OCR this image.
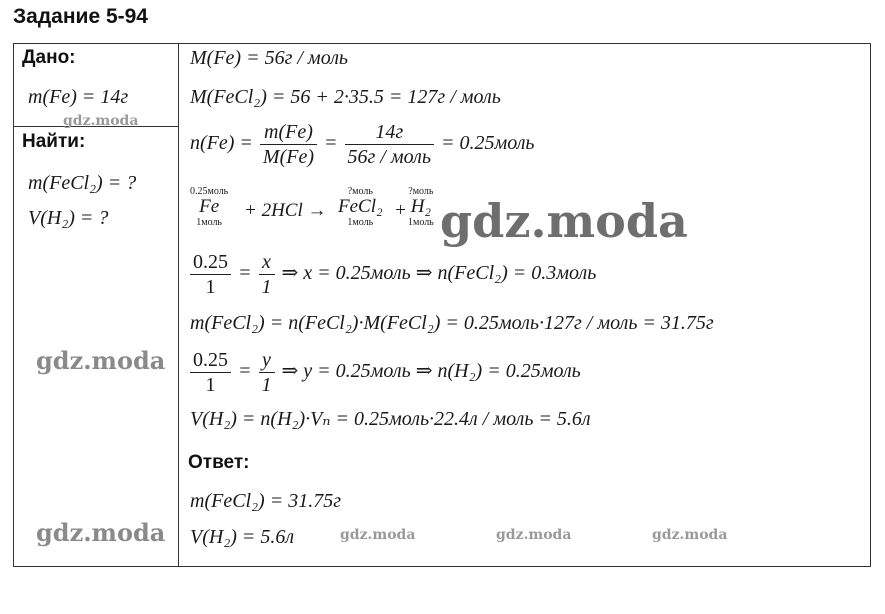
Задание 5-94
Дано:
m(Fe) = 14г
Найти:
m(FeCl₂) = ?
V(H₂) = ?
M(Fe) = 56г / моль
M(FeCl₂) = 56 + 2·35.5 = 127г / моль
$n(Fe) = \frac{m(Fe)}{M(Fe)} = \frac{14г}{\text{56г / моль}}$ = 0.25моль
0.25моль
Fe
1моль
+ 2HCl →
?моль
FeCl₂
1моль
+
?моль
H₂
1моль
$\frac{0.25}{1} = \frac{x}{1}$ ⇒ x = 0.25моль ⇒ n(FeCl₂) = 0.3моль
m(FeCl₂) = n(FeCl₂)·M(FeCl₂) = 0.25моль·127г / моль = 31.75г
$\frac{0.25}{1} = \frac{y}{1}$ ⇒ y = 0.25моль ⇒ n(H₂) = 0.25моль
V(H₂) = n(H₂)·Vₙ = 0.25моль·22.4л / моль = 5.6л
Ответ:
m(FeCl₂) = 31.75г
V(H₂) = 5.6л
gdz.moda
gdz.moda
gdz.moda
gdz.moda	gdz.moda	gdz.moda	gdz.moda
